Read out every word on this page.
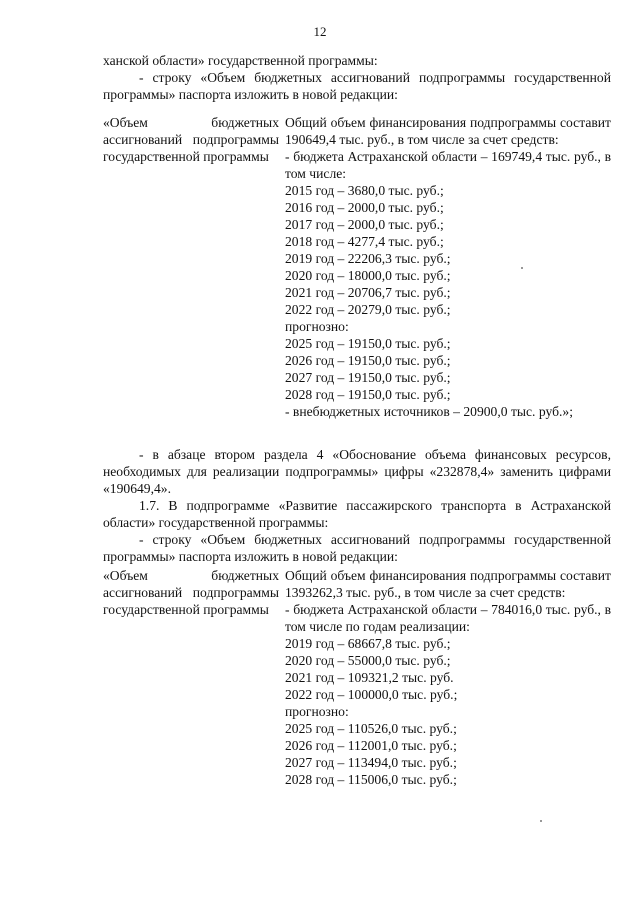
12

ханской области» государственной программы:

- строку «Объем бюджетных ассигнований подпрограммы государственной программы» паспорта изложить в новой редакции:

«Объем бюджетных ассигнований подпрограммы государственной программы
Общий объем финансирования подпрограммы составит 190649,4 тыс. руб., в том числе за счет средств:
- бюджета Астраханской области – 169749,4 тыс. руб., в том числе:
2015 год – 3680,0 тыс. руб.;
2016 год – 2000,0 тыс. руб.;
2017 год – 2000,0 тыс. руб.;
2018 год – 4277,4 тыс. руб.;
2019 год – 22206,3 тыс. руб.;
2020 год – 18000,0 тыс. руб.;
2021 год – 20706,7 тыс. руб.;
2022 год – 20279,0 тыс. руб.;
прогнозно:
2025 год – 19150,0 тыс. руб.;
2026 год – 19150,0 тыс. руб.;
2027 год – 19150,0 тыс. руб.;
2028 год – 19150,0 тыс. руб.;
- внебюджетных источников – 20900,0 тыс. руб.»;

- в абзаце втором раздела 4 «Обоснование объема финансовых ресурсов, необходимых для реализации подпрограммы» цифры «232878,4» заменить цифрами «190649,4».

1.7. В подпрограмме «Развитие пассажирского транспорта в Астраханской области» государственной программы:

- строку «Объем бюджетных ассигнований подпрограммы государственной программы» паспорта изложить в новой редакции:

«Объем бюджетных ассигнований подпрограммы государственной программы
Общий объем финансирования подпрограммы составит 1393262,3 тыс. руб., в том числе за счет средств:
- бюджета Астраханской области – 784016,0 тыс. руб., в том числе по годам реализации:
2019 год – 68667,8 тыс. руб.;
2020 год – 55000,0 тыс. руб.;
2021 год – 109321,2 тыс. руб.
2022 год – 100000,0 тыс. руб.;
прогнозно:
2025 год – 110526,0 тыс. руб.;
2026 год – 112001,0 тыс. руб.;
2027 год – 113494,0 тыс. руб.;
2028 год – 115006,0 тыс. руб.;
